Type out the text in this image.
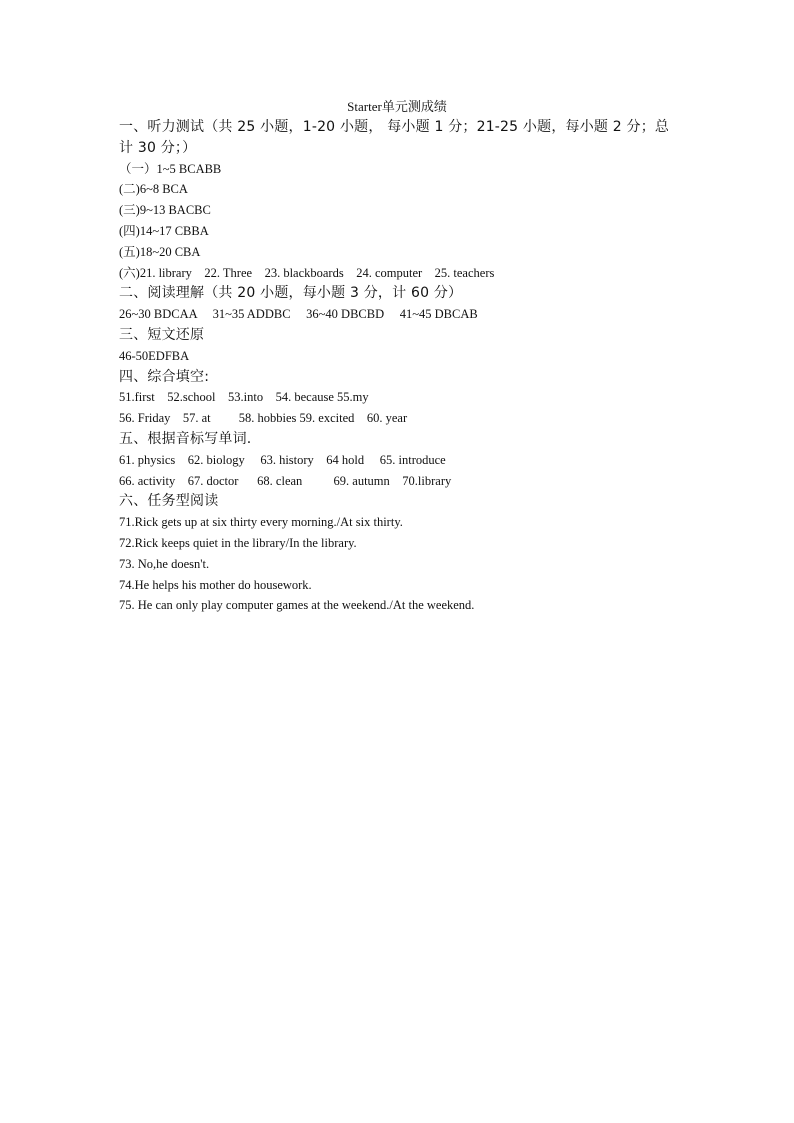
Starter单元测成绩
一、听力测试（共 25 小题，1-20 小题， 每小题 1 分；21-25 小题，每小题 2 分；总计 30 分；）
（一）1~5 BCABB
(二)6~8 BCA
(三)9~13 BACBC
(四)14~17 CBBA
(五)18~20 CBA
(六)21. library    22. Three    23. blackboards    24. computer    25. teachers
二、阅读理解（共 20 小题，每小题 3 分，计 60 分）
26~30 BDCAA     31~35 ADDBC     36~40 DBCBD     41~45 DBCAB
三、短文还原
46-50EDFBA
四、综合填空:
51.first    52.school    53.into    54. because 55.my
56. Friday    57. at         58. hobbies 59. excited    60. year
五、根据音标写单词.
61. physics    62. biology     63. history    64 hold     65. introduce
66. activity    67. doctor      68. clean          69. autumn    70.library
六、任务型阅读
71.Rick gets up at six thirty every morning./At six thirty.
72.Rick keeps quiet in the library/In the library.
73. No,he doesn't.
74.He helps his mother do housework.
75. He can only play computer games at the weekend./At the weekend.
